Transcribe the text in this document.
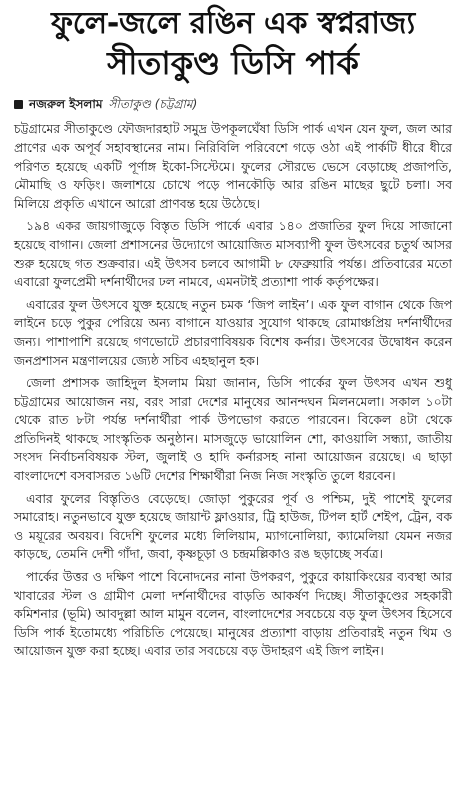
ফুলে-জলে রঙিন এক স্বপ্নরাজ্য
সীতাকুণ্ড ডিসি পার্ক
নজরুল ইসলাম সীতাকুণ্ড (চট্টগ্রাম)

চট্টগ্রামের সীতাকুণ্ডে ফৌজদারহাট সমুদ্র উপকূলঘেঁষা ডিসি পার্ক এখন যেন ফুল, জল আর প্রাণের এক অপূর্ব সহাবস্থানের নাম। নিরিবিলি পরিবেশে গড়ে ওঠা এই পার্কটি ধীরে ধীরে পরিণত হয়েছে একটি পূর্ণাঙ্গ ইকো-সিস্টেমে। ফুলের সৌরভে ভেসে বেড়াচ্ছে প্রজাপতি, মৌমাছি ও ফড়িং। জলাশয়ে চোখে পড়ে পানকৌড়ি আর রঙিন মাছের ছুটে চলা। সব মিলিয়ে প্রকৃতি এখানে আরো প্রাণবন্ত হয়ে উঠেছে।

১৯৪ একর জায়গাজুড়ে বিস্তৃত ডিসি পার্কে এবার ১৪০ প্রজাতির ফুল দিয়ে সাজানো হয়েছে বাগান। জেলা প্রশাসনের উদ্যোগে আয়োজিত মাসব্যাপী ফুল উৎসবের চতুর্থ আসর শুরু হয়েছে গত শুক্রবার। এই উৎসব চলবে আগামী ৮ ফেব্রুয়ারি পর্যন্ত। প্রতিবারের মতো এবারো ফুলপ্রেমী দর্শনার্থীদের ঢল নামবে, এমনটাই প্রত্যাশা পার্ক কর্তৃপক্ষের।

এবারের ফুল উৎসবে যুক্ত হয়েছে নতুন চমক ‘জিপ লাইন’। এক ফুল বাগান থেকে জিপ লাইনে চড়ে পুকুর পেরিয়ে অন্য বাগানে যাওয়ার সুযোগ থাকছে রোমাঞ্চপ্রিয় দর্শনার্থীদের জন্য। পাশাপাশি রয়েছে গণভোটে প্রচারণাবিষয়ক বিশেষ কর্নার। উৎসবের উদ্বোধন করেন জনপ্রশাসন মন্ত্রণালয়ের জ্যেষ্ঠ সচিব এহছানুল হক।

জেলা প্রশাসক জাহিদুল ইসলাম মিয়া জানান, ডিসি পার্কের ফুল উৎসব এখন শুধু চট্টগ্রামের আয়োজন নয়, বরং সারা দেশের মানুষের আনন্দঘন মিলনমেলা। সকাল ১০টা থেকে রাত ৮টা পর্যন্ত দর্শনার্থীরা পার্ক উপভোগ করতে পারবেন। বিকেল ৪টা থেকে প্রতিদিনই থাকছে সাংস্কৃতিক অনুষ্ঠান। মাসজুড়ে ভায়োলিন শো, কাওয়ালি সন্ধ্যা, জাতীয় সংসদ নির্বাচনবিষয়ক স্টল, জুলাই ও হাদি কর্নারসহ নানা আয়োজন রয়েছে। এ ছাড়া বাংলাদেশে বসবাসরত ১৬টি দেশের শিক্ষার্থীরা নিজ নিজ সংস্কৃতি তুলে ধরবেন।

এবার ফুলের বিস্তৃতিও বেড়েছে। জোড়া পুকুরের পূর্ব ও পশ্চিম, দুই পাশেই ফুলের সমারোহ। নতুনভাবে যুক্ত হয়েছে জায়ান্ট ফ্লাওয়ার, ট্রি হাউজ, টিপল হার্ট শেইপ, ট্রেন, বক ও ময়ূরের অবয়ব। বিদেশি ফুলের মধ্যে লিলিয়াম, ম্যাগনোলিয়া, ক্যামেলিয়া যেমন নজর কাড়ছে, তেমনি দেশী গাঁদা, জবা, কৃষ্ণচূড়া ও চন্দ্রমল্লিকাও রঙ ছড়াচ্ছে সর্বত্র।

পার্কের উত্তর ও দক্ষিণ পাশে বিনোদনের নানা উপকরণ, পুকুরে কায়াকিংয়ের ব্যবস্থা আর খাবারের স্টল ও গ্রামীণ মেলা দর্শনার্থীদের বাড়তি আকর্ষণ দিচ্ছে। সীতাকুণ্ডের সহকারী কমিশনার (ভূমি) আবদুল্লা আল মামুন বলেন, বাংলাদেশের সবচেয়ে বড় ফুল উৎসব হিসেবে ডিসি পার্ক ইতোমধ্যে পরিচিতি পেয়েছে। মানুষের প্রত্যাশা বাড়ায় প্রতিবারই নতুন থিম ও আয়োজন যুক্ত করা হচ্ছে। এবার তার সবচেয়ে বড় উদাহরণ এই জিপ লাইন।
